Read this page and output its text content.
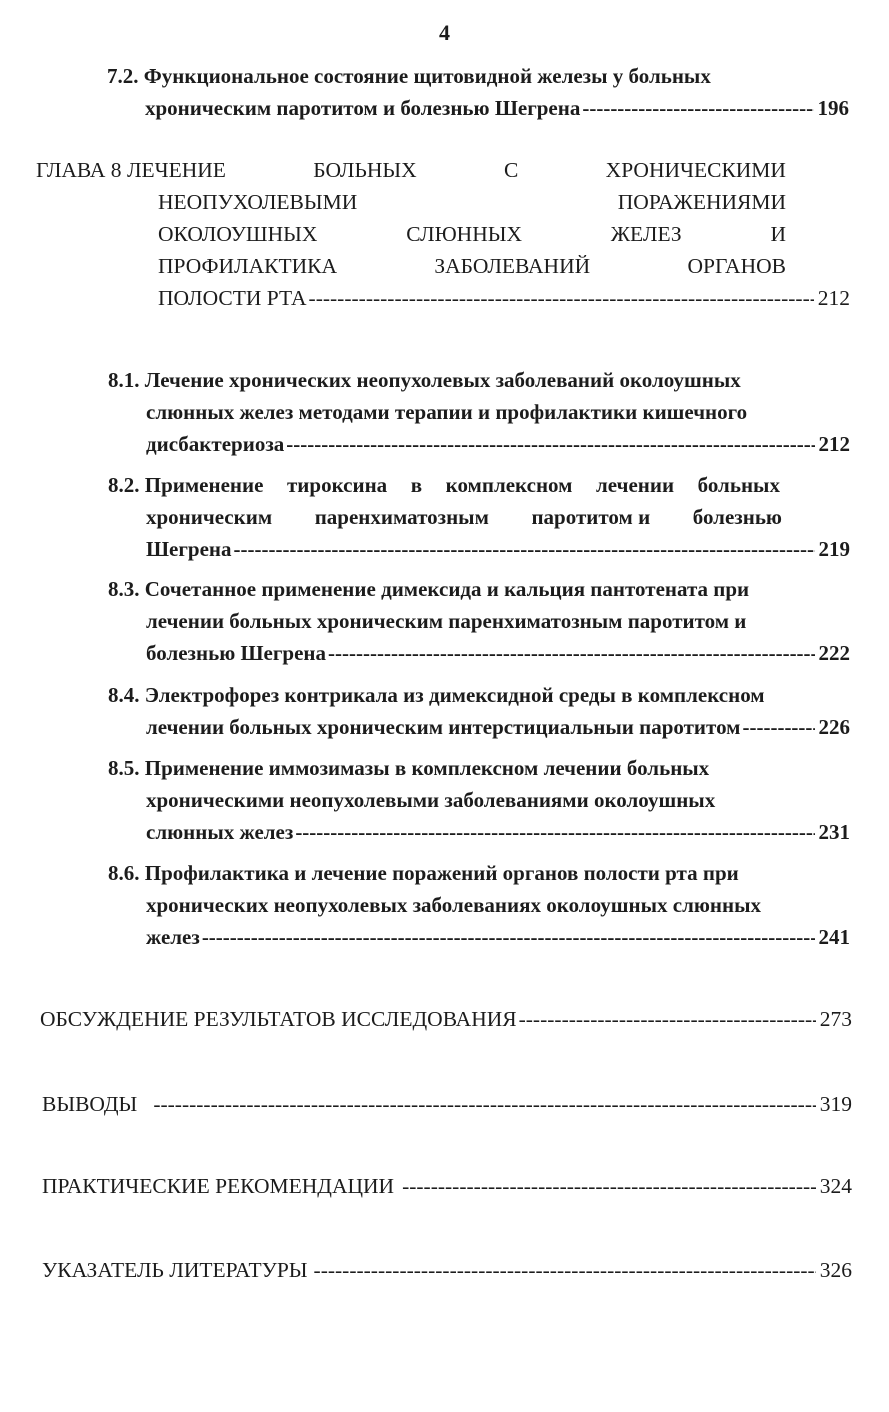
4
7.2. Функциональное состояние щитовидной железы у больных
хроническим паротитом и болезнью Шегрена -----	196
ГЛАВА 8 ЛЕЧЕНИЕ	БОЛЬНЫХ	С	ХРОНИЧЕСКИМИ
НЕОПУХОЛЕВЫМИ	ПОРАЖЕНИЯМИ
ОКОЛОУШНЫХ	СЛЮННЫХ	ЖЕЛЕЗ	И
ПРОФИЛАКТИКА	ЗАБОЛЕВАНИЙ	ОРГАНОВ
ПОЛОСТИ РТА -----	212
8.1. Лечение хронических неопухолевых заболеваний околоушных
слюнных желез методами терапии и профилактики кишечного
дисбактериоза -----	212
8.2. Применение тироксина в комплексном лечении больных
хроническим паренхиматозным паротитом и болезнью
Шегрена -----	219
8.3. Сочетанное применение димексида и кальция пантотената при
лечении больных хроническим паренхиматозным паротитом и
болезнью Шегрена -----	222
8.4. Электрофорез контрикала из димексидной среды в комплексном
лечении больных хроническим интерстициальныи паротитом -----	226
8.5. Применение иммозимазы в комплексном лечении больных
хроническими неопухолевыми заболеваниями околоушных
слюнных желез -----	231
8.6. Профилактика и лечение поражений органов полости рта при
хронических неопухолевых заболеваниях околоушных слюнных
желез -----	241
ОБСУЖДЕНИЕ РЕЗУЛЬТАТОВ ИССЛЕДОВАНИЯ -----	273
ВЫВОДЫ -----	319
ПРАКТИЧЕСКИЕ РЕКОМЕНДАЦИИ -----	324
УКАЗАТЕЛЬ ЛИТЕРАТУРЫ -----	326
